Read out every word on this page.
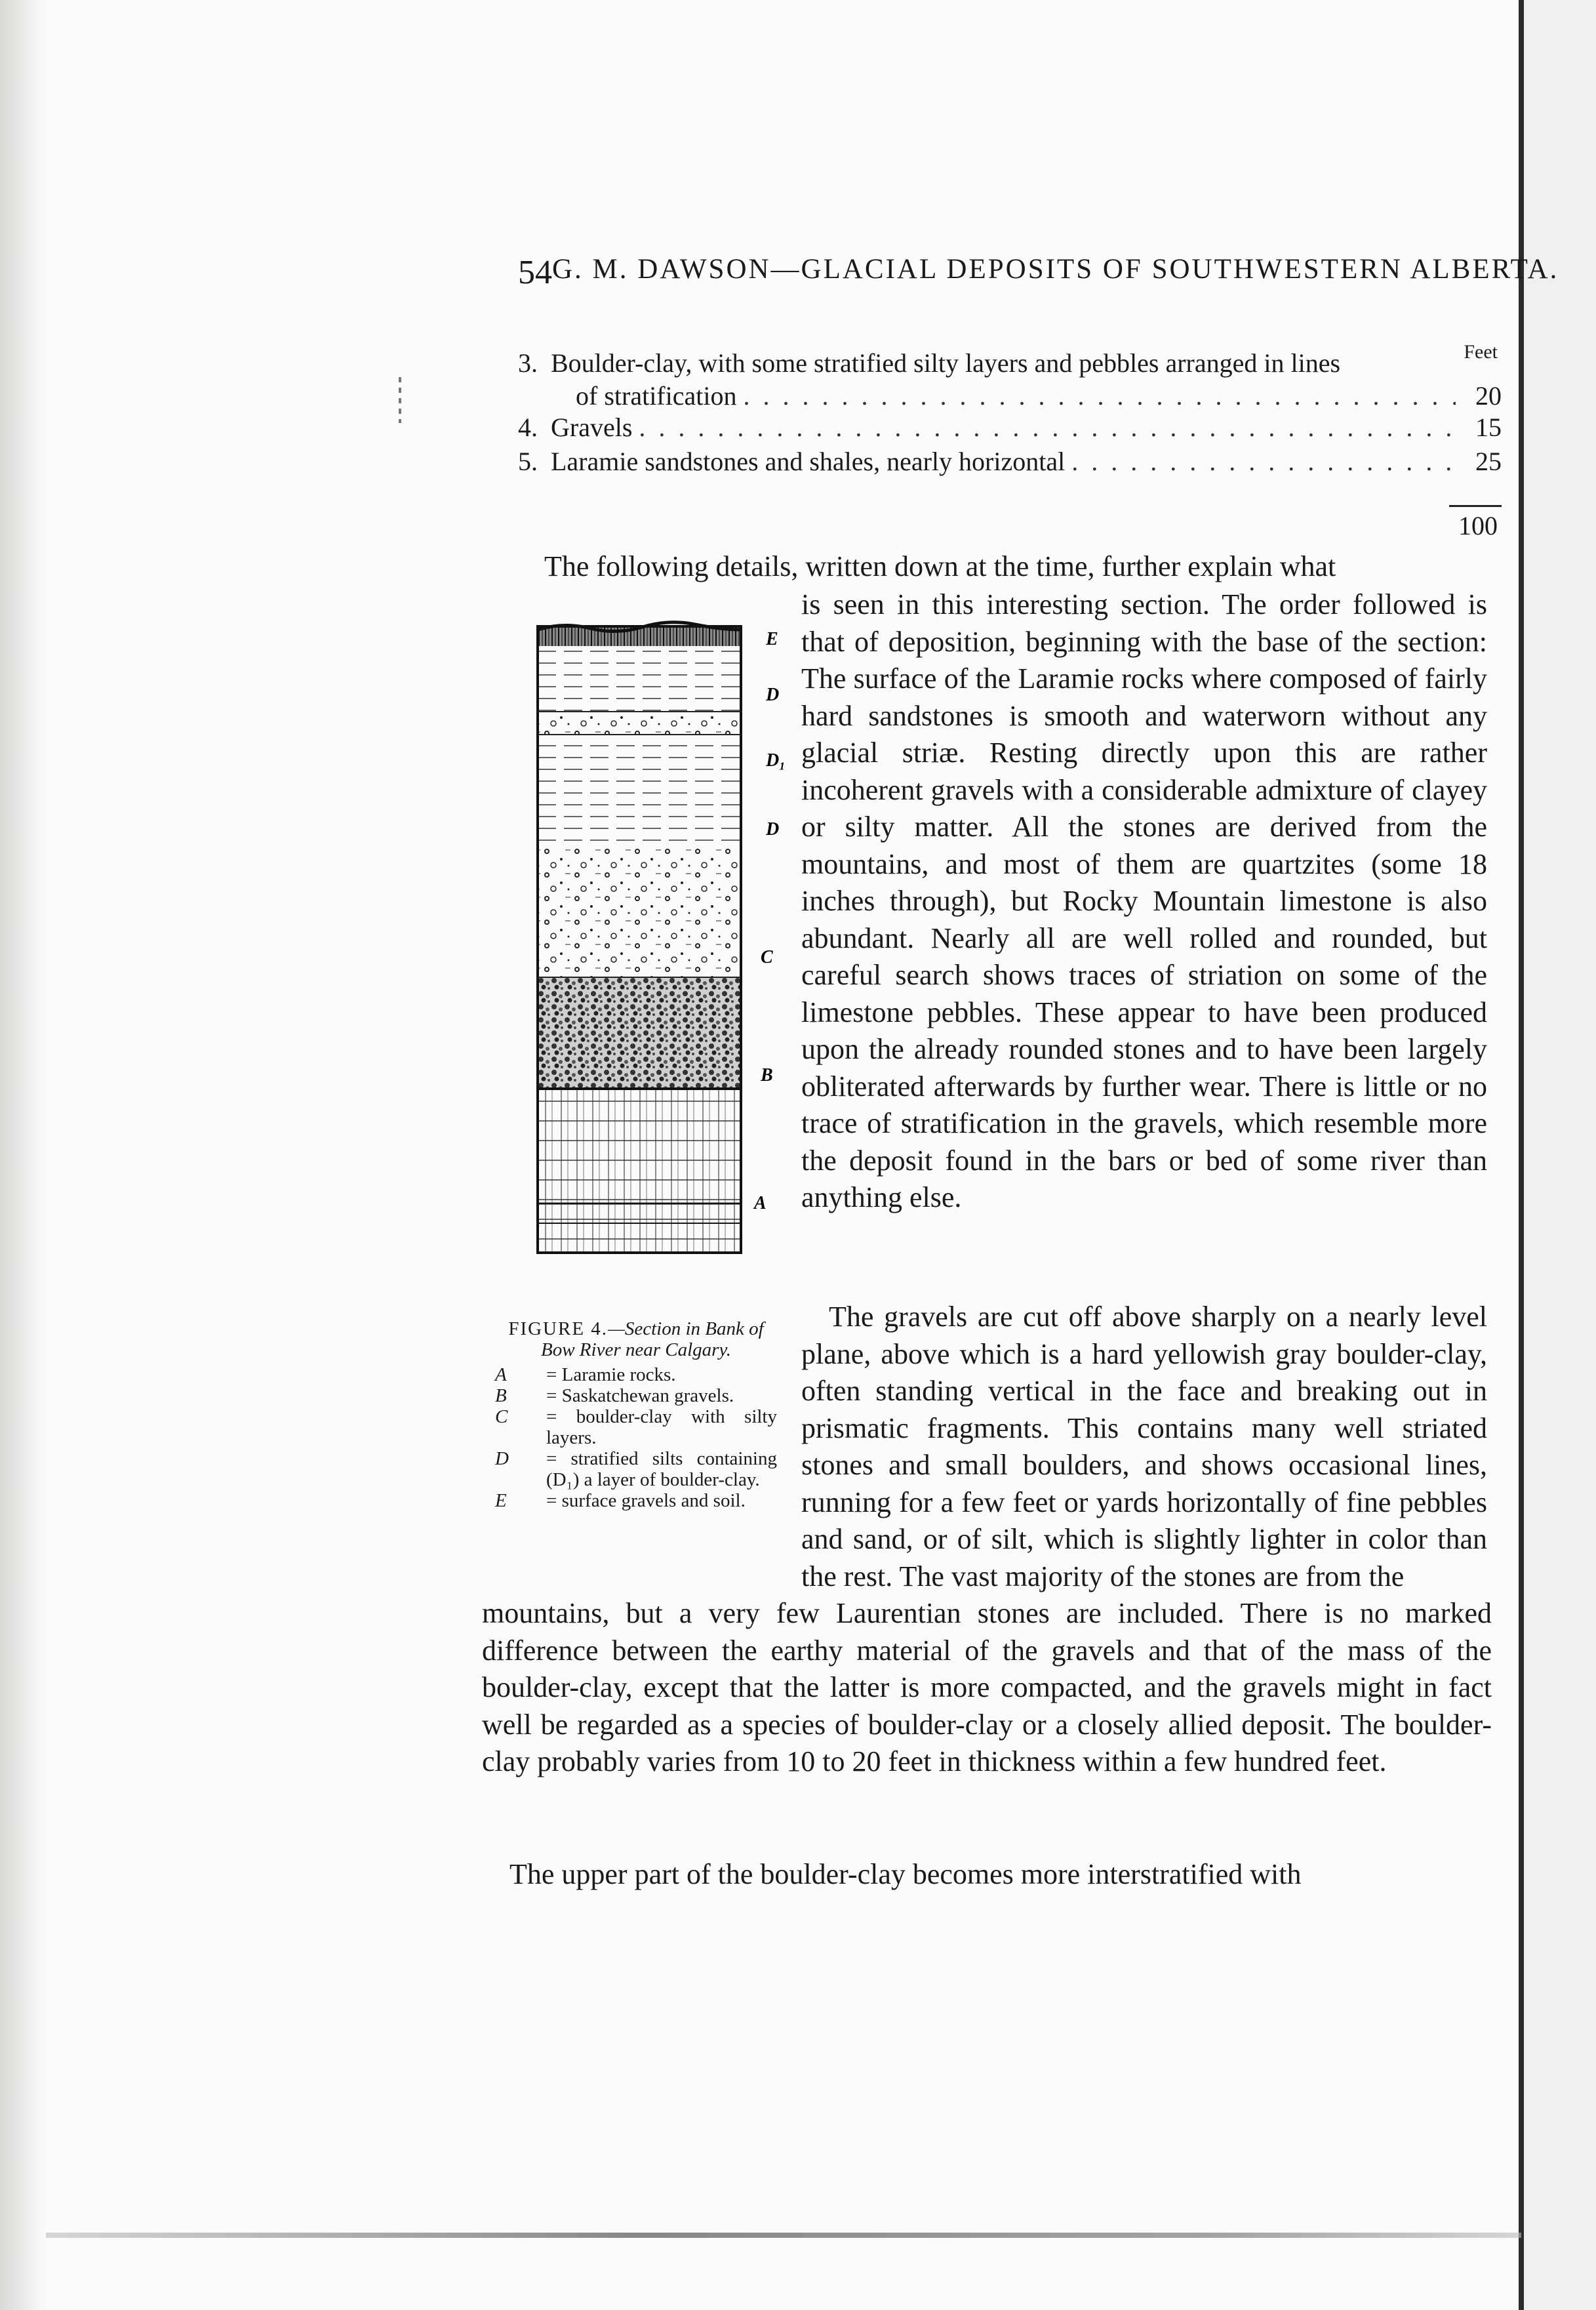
54 G. M. DAWSON—GLACIAL DEPOSITS OF SOUTHWESTERN ALBERTA.
Feet
3. Boulder-clay, with some stratified silty layers and pebbles arranged in lines
of stratification . . .	20
4. Gravels . . .	15
5. Laramie sandstones and shales, nearly horizontal . . .	25
100
The following details, written down at the time, further explain what
is seen in this interesting section. The order followed is that of deposition, beginning with the base of the section: The surface of the Laramie rocks where composed of fairly hard sandstones is smooth and waterworn without any glacial striæ. Resting directly upon this are rather incoherent gravels with a considerable admixture of clayey or silty matter. All the stones are derived from the mountains, and most of them are quartzites (some 18 inches through), but Rocky Mountain limestone is also abundant. Nearly all are well rolled and rounded, but careful search shows traces of striation on some of the limestone pebbles. These appear to have been produced upon the already rounded stones and to have been largely obliterated afterwards by further wear. There is little or no trace of stratification in the gravels, which resemble more the deposit found in the bars or bed of some river than anything else.
The gravels are cut off above sharply on a nearly level plane, above which is a hard yellowish gray boulder-clay, often standing vertical in the face and breaking out in prismatic fragments. This contains many well striated stones and small boulders, and shows occasional lines, running for a few feet or yards horizontally of fine pebbles and sand, or of silt, which is slightly lighter in color than the rest. The vast majority of the stones are from the
mountains, but a very few Laurentian stones are included. There is no marked difference between the earthy material of the gravels and that of the mass of the boulder-clay, except that the latter is more compacted, and the gravels might in fact well be regarded as a species of boulder-clay or a closely allied deposit. The boulder-clay probably varies from 10 to 20 feet in thickness within a few hundred feet.
The upper part of the boulder-clay becomes more interstratified with
E
D
D₁
D
C
B
A
FIGURE 4.—Section in Bank of Bow River near Calgary.
A	= Laramie rocks.
B	= Saskatchewan gravels.
C	= boulder-clay with silty layers.
D	= stratified silts containing (D₁) a layer of boulder-clay.
E	= surface gravels and soil.
